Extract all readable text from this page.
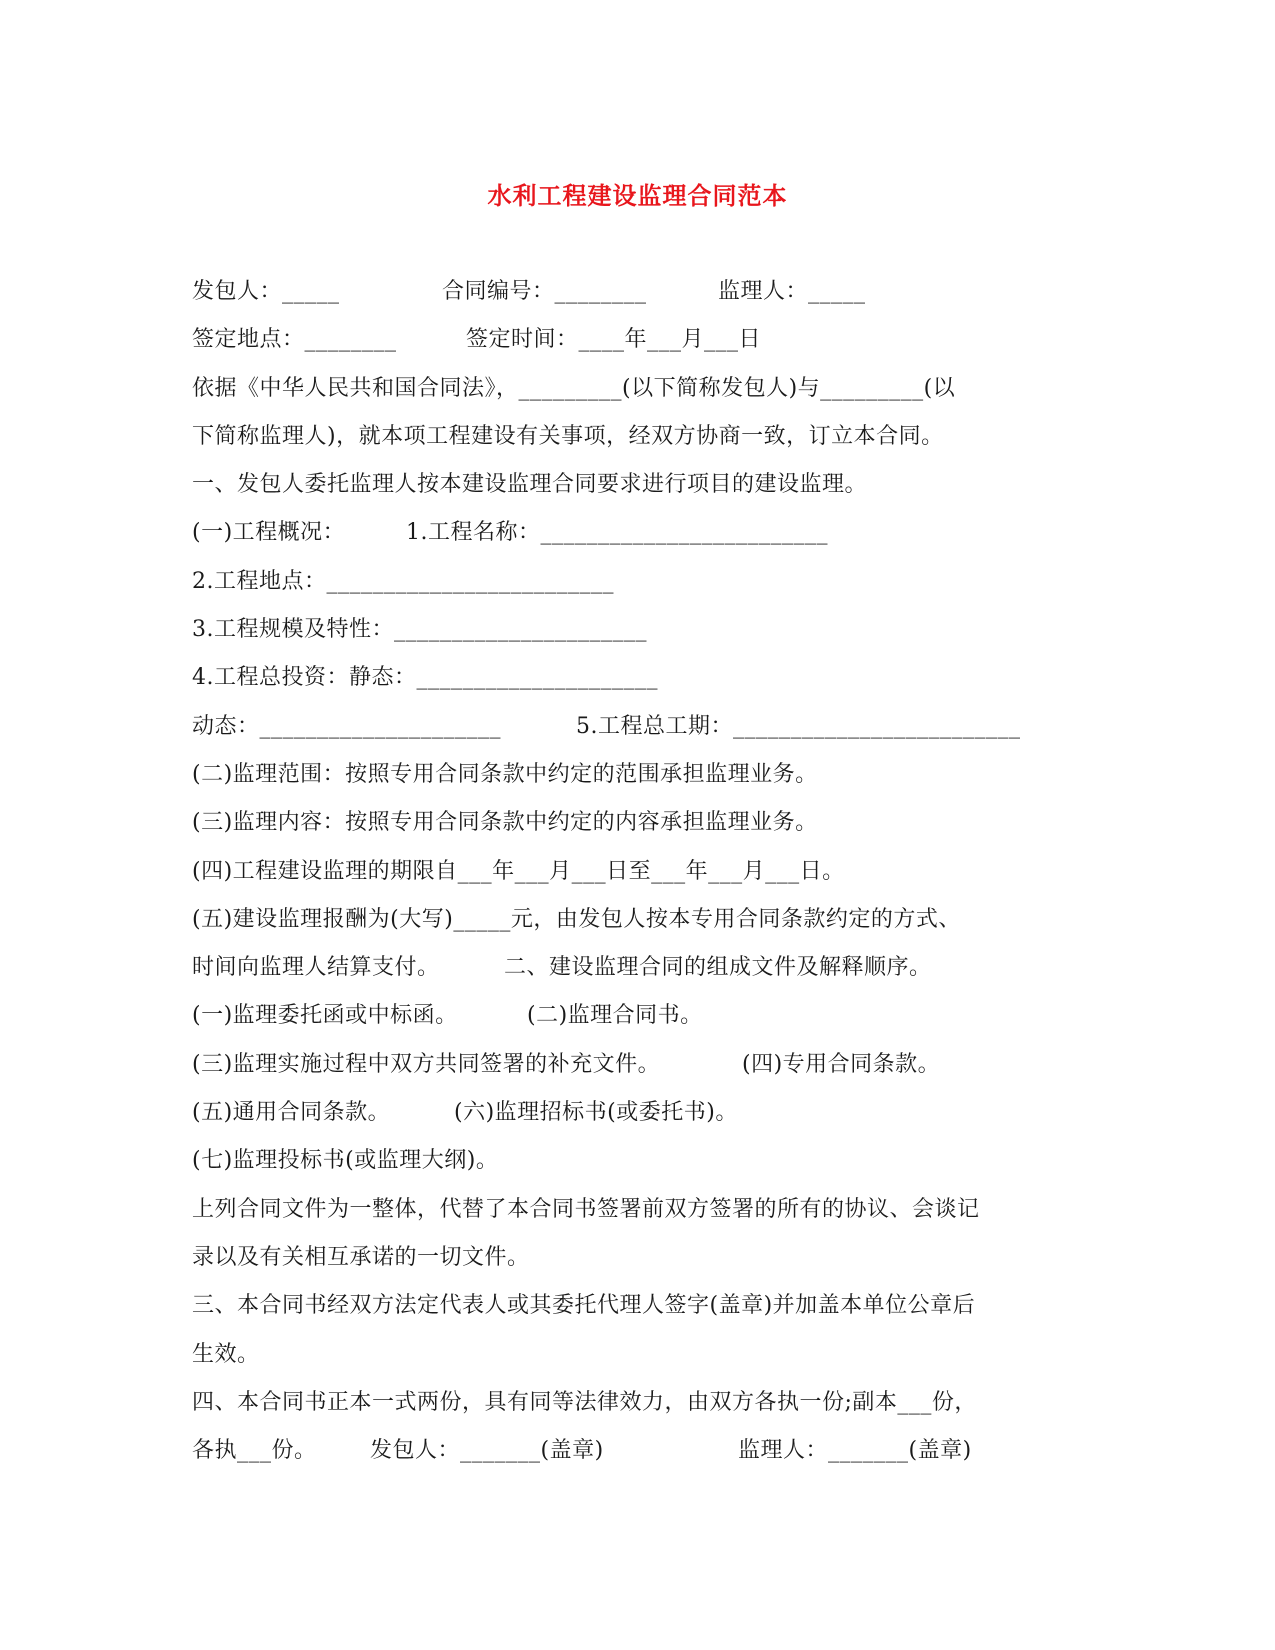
水利工程建设监理合同范本
发包人：_____	合同编号：________	监理人：_____
签定地点：________	签定时间：____年___月___日
依据《中华人民共和国合同法》，_________(以下简称发包人)与_________(以
下简称监理人)，就本项工程建设有关事项，经双方协商一致，订立本合同。
一、发包人委托监理人按本建设监理合同要求进行项目的建设监理。
(一)工程概况：	1.工程名称：_________________________
2.工程地点：_________________________
3.工程规模及特性：______________________
4.工程总投资：静态：_____________________
动态：_____________________	5.工程总工期：_________________________
(二)监理范围：按照专用合同条款中约定的范围承担监理业务。
(三)监理内容：按照专用合同条款中约定的内容承担监理业务。
(四)工程建设监理的期限自___年___月___日至___年___月___日。
(五)建设监理报酬为(大写)_____元，由发包人按本专用合同条款约定的方式、
时间向监理人结算支付。	二、建设监理合同的组成文件及解释顺序。
(一)监理委托函或中标函。	(二)监理合同书。
(三)监理实施过程中双方共同签署的补充文件。	(四)专用合同条款。
(五)通用合同条款。	(六)监理招标书(或委托书)。
(七)监理投标书(或监理大纲)。
上列合同文件为一整体，代替了本合同书签署前双方签署的所有的协议、会谈记
录以及有关相互承诺的一切文件。
三、本合同书经双方法定代表人或其委托代理人签字(盖章)并加盖本单位公章后
生效。
四、本合同书正本一式两份，具有同等法律效力，由双方各执一份;副本___份，
各执___份。 发包人：_______(盖章)	监理人：_______(盖章)
